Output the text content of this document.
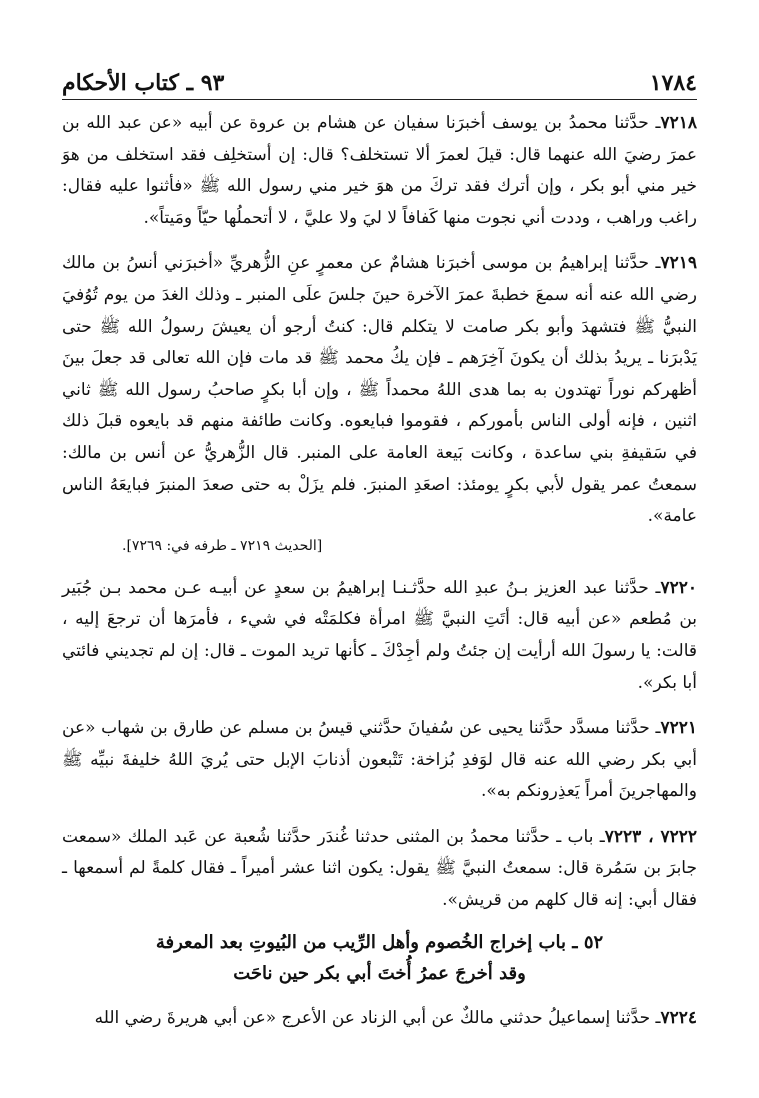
١٧٨٤
٩٣ ـ كتاب الأحكام

٧٢١٨ـ حدَّثنا محمدُ بن يوسف أخبرَنا سفيان عن هشام بن عروة عن أبيه «عن عبد الله بن عمرَ رضيَ الله عنهما قال: قيلَ لعمرَ ألا تستخلف؟ قال: إن أستخلِف فقد استخلف من هوَ خير مني أبو بكر ، وإن أترك فقد تركَ من هوَ خير مني رسول الله ﷺ «فأثنوا عليه فقال: راغب وراهب ، وددت أني نجوت منها كَفافاً لا ليَ ولا عليَّ ، لا أتحملُها حيّاً ومَيتاً».

٧٢١٩ـ حدَّثنا إبراهيمُ بن موسى أخبرَنا هشامٌ عن معمرٍ عنِ الزُّهريِّ «أخبرَني أنسُ بن مالك رضي الله عنه أنه سمعَ خطبةَ عمرَ الآخرة حينَ جلسَ علَى المنبر ـ وذلك الغدَ من يوم تُوُفيَ النبيُّ ﷺ فتشهدَ وأبو بكر صامت لا يتكلم قال: كنتُ أرجو أن يعيشَ رسولُ الله ﷺ حتى يَدْبرَنا ـ يريدُ بذلك أن يكونَ آخِرَهم ـ فإن يكُ محمد ﷺ قد مات فإن الله تعالى قد جعلَ بينَ أظهركم نوراً تهتدون به بما هدى اللهُ محمداً ﷺ ، وإن أبا بكرٍ صاحبُ رسول الله ﷺ ثاني اثنين ، فإنه أولى الناس بأموركم ، فقوموا فبايعوه. وكانت طائفة منهم قد بايعوه قبلَ ذلك في سَقيفةِ بني ساعدة ، وكانت بَيعة العامة على المنبر. قال الزُّهريُّ عن أنس بن مالك: سمعتُ عمر يقول لأبي بكرٍ يومئذ: اصعَدِ المنبرَ. فلم يزَلْ به حتى صعدَ المنبرَ فبايعَهُ الناس عامة».

[الحديث ٧٢١٩ ـ طرفه في: ٧٢٦٩].

٧٢٢٠ـ حدَّثنا عبد العزيز بـنُ عبدِ الله حدَّثـنـا إبراهيمُ بن سعدٍ عن أبيـه عـن محمد بـن جُبَير بن مُطعم «عن أبيه قال: أتَتِ النبيَّ ﷺ امرأة فكلمَتْه في شيء ، فأمرَها أن ترجعَ إليه ، قالت: يا رسولَ الله أرأيت إن جئتُ ولم أجِدْكَ ـ كأنها تريد الموت ـ قال: إن لم تجديني فائتي أبا بكر».

٧٢٢١ـ حدَّثنا مسدَّد حدَّثنا يحيى عن سُفيانَ حدَّثني قيسُ بن مسلم عن طارق بن شهاب «عن أبي بكر رضي الله عنه قال لوَفدِ بُزاخة: تَتْبعون أذنابَ الإبل حتى يُريَ اللهُ خليفةَ نبيِّه ﷺ والمهاجرينَ أمراً يَعذِرونكم به».

٧٢٢٢ ، ٧٢٢٣ـ باب ـ حدَّثنا محمدُ بن المثنى حدثنا غُندَر حدَّثنا شُعبة عن عَبد الملك «سمعت جابرَ بن سَمُرة قال: سمعتُ النبيَّ ﷺ يقول: يكون اثنا عشر أميراً ـ فقال كلمةً لم أسمعها ـ فقال أبي: إنه قال كلهم من قريش».

٥٢ ـ باب إخراج الخُصوم وأهل الرِّيب من البُيوتِ بعد المعرفة

وقد أخرجَ عمرُ أُختَ أبي بكر حين ناحَت

٧٢٢٤ـ حدَّثنا إسماعيلُ حدثني مالكٌ عن أبي الزناد عن الأعرج «عن أبي هريرةَ رضي الله
